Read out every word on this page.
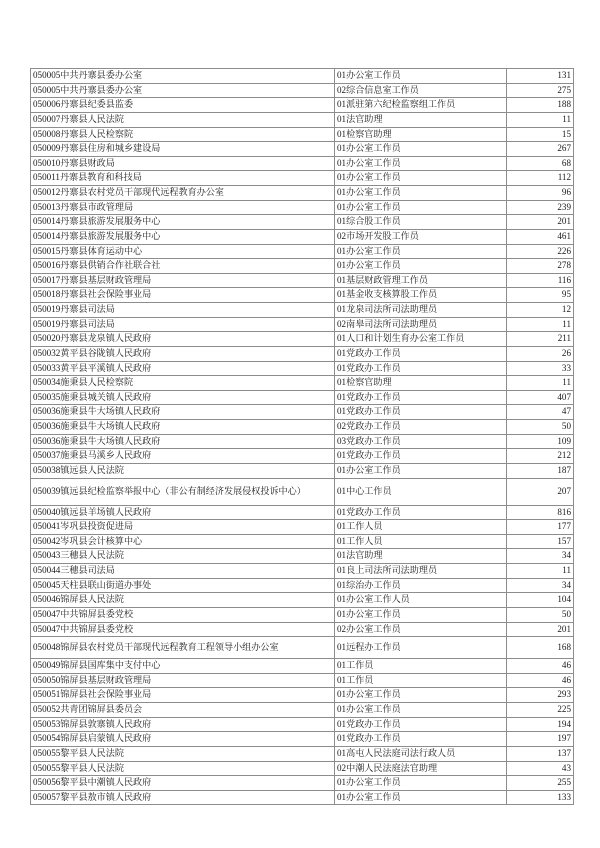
050005中共丹寨县委办公室	01办公室工作员	131
050005中共丹寨县委办公室	02综合信息室工作员	275
050006丹寨县纪委县监委	01派驻第六纪检监察组工作员	188
050007丹寨县人民法院	01法官助理	11
050008丹寨县人民检察院	01检察官助理	15
050009丹寨县住房和城乡建设局	01办公室工作员	267
050010丹寨县财政局	01办公室工作员	68
050011丹寨县教育和科技局	01办公室工作员	112
050012丹寨县农村党员干部现代远程教育办公室	01办公室工作员	96
050013丹寨县市政管理局	01办公室工作员	239
050014丹寨县旅游发展服务中心	01综合股工作员	201
050014丹寨县旅游发展服务中心	02市场开发股工作员	461
050015丹寨县体育运动中心	01办公室工作员	226
050016丹寨县供销合作社联合社	01办公室工作员	278
050017丹寨县基层财政管理局	01基层财政管理工作员	116
050018丹寨县社会保险事业局	01基金收支核算股工作员	95
050019丹寨县司法局	01龙泉司法所司法助理员	12
050019丹寨县司法局	02南皋司法所司法助理员	11
050020丹寨县龙泉镇人民政府	01人口和计划生育办公室工作员	211
050032黄平县谷陇镇人民政府	01党政办工作员	26
050033黄平县平溪镇人民政府	01党政办工作员	33
050034施秉县人民检察院	01检察官助理	11
050035施秉县城关镇人民政府	01党政办工作员	407
050036施秉县牛大场镇人民政府	01党政办工作员	47
050036施秉县牛大场镇人民政府	02党政办工作员	50
050036施秉县牛大场镇人民政府	03党政办工作员	109
050037施秉县马溪乡人民政府	01党政办工作员	212
050038镇远县人民法院	01办公室工作员	187
050039镇远县纪检监察举报中心（非公有制经济发展侵权投诉中心）	01中心工作员	207
050040镇远县羊场镇人民政府	01党政办工作员	816
050041岑巩县投资促进局	01工作人员	177
050042岑巩县会计核算中心	01工作人员	157
050043三穗县人民法院	01法官助理	34
050044三穗县司法局	01良上司法所司法助理员	11
050045天柱县联山街道办事处	01综治办工作员	34
050046锦屏县人民法院	01办公室工作人员	104
050047中共锦屏县委党校	01办公室工作员	50
050047中共锦屏县委党校	02办公室工作员	201
050048锦屏县农村党员干部现代远程教育工程领导小组办公室	01远程办工作员	168
050049锦屏县国库集中支付中心	01工作员	46
050050锦屏县基层财政管理局	01工作员	46
050051锦屏县社会保险事业局	01办公室工作员	293
050052共青团锦屏县委员会	01办公室工作员	225
050053锦屏县敦寨镇人民政府	01党政办工作员	194
050054锦屏县启蒙镇人民政府	01党政办工作员	197
050055黎平县人民法院	01高屯人民法庭司法行政人员	137
050055黎平县人民法院	02中潮人民法庭法官助理	43
050056黎平县中潮镇人民政府	01办公室工作员	255
050057黎平县敖市镇人民政府	01办公室工作员	133
